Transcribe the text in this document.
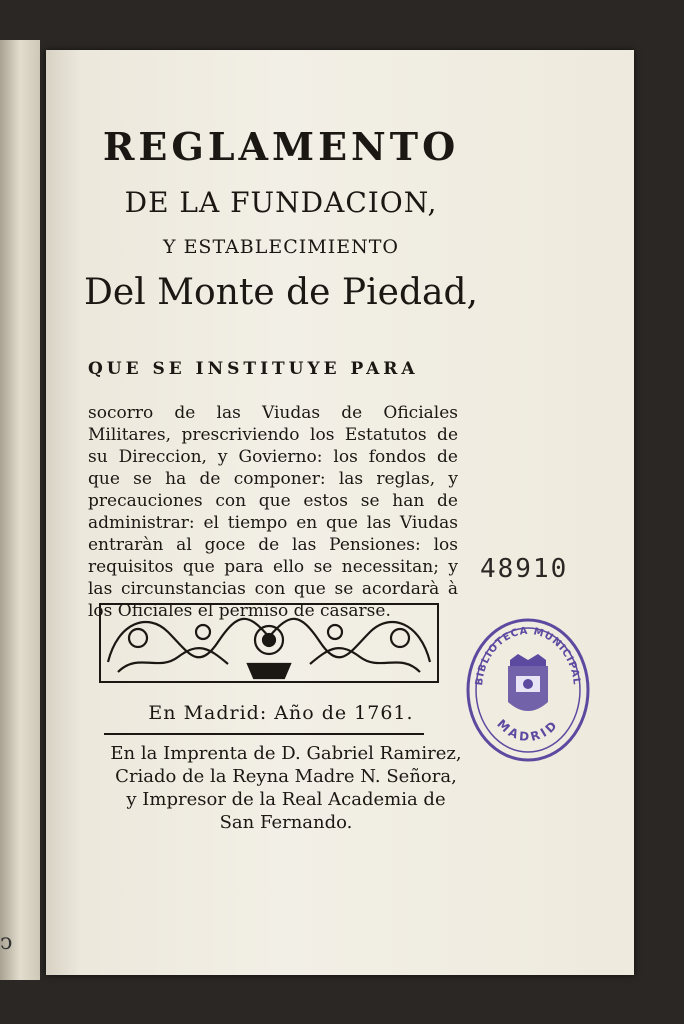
ↄ
REGLAMENTO
DE LA FUNDACION,
Y ESTABLECIMIENTO
Del Monte de Piedad,

QUE SE INSTITUYE PARA

socorro de las Viudas de Oficiales Militares, prescriviendo los Estatutos de su Direccion, y Govierno: los fondos de que se ha de componer: las reglas, y precauciones con que estos se han de administrar: el tiempo en que las Viudas entraràn al goce de las Pensiones: los requisitos que para ello se necessitan; y las circunstancias con que se acordarà à los Oficiales el permiso de casarse.

En Madrid: Año de 1761.
En la Imprenta de D. Gabriel Ramirez,
Criado de la Reyna Madre N. Señora,
y Impresor de la Real Academia de
San Fernando.
48910
BIBLIOTECA MUNICIPAL
MADRID
